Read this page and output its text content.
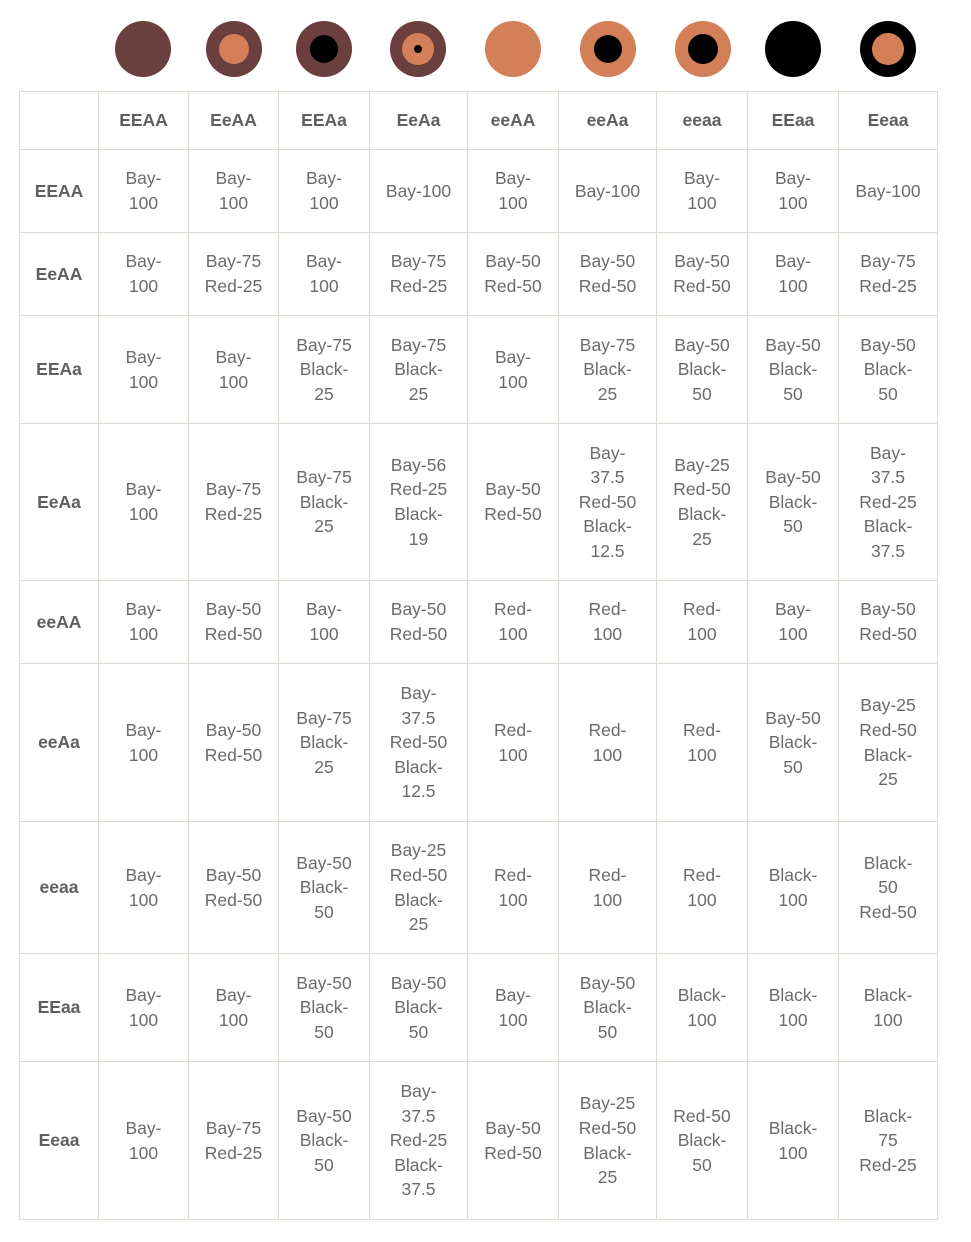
	EEAA	EeAA	EEAa	EeAa	eeAA	eeAa	eeaa	EEaa	Eeaa
EEAA	Bay-
100	Bay-
100	Bay-
100	Bay-100	Bay-
100	Bay-100	Bay-
100	Bay-
100	Bay-100

EeAA	Bay-
100	Bay-75
Red-25	Bay-
100	Bay-75
Red-25	Bay-50
Red-50	Bay-50
Red-50	Bay-50
Red-50	Bay-
100	Bay-75
Red-25

EEAa	Bay-
100	Bay-
100	Bay-75
Black-
25	Bay-75
Black-
25	Bay-
100	Bay-75
Black-
25	Bay-50
Black-
50	Bay-50
Black-
50	Bay-50
Black-
50

EeAa	Bay-
100	Bay-75
Red-25	Bay-75
Black-
25	Bay-56
Red-25
Black-
19	Bay-50
Red-50	Bay-
37.5
Red-50
Black-
12.5	Bay-25
Red-50
Black-
25	Bay-50
Black-
50	Bay-
37.5
Red-25
Black-
37.5

eeAA	Bay-
100	Bay-50
Red-50	Bay-
100	Bay-50
Red-50	Red-
100	Red-
100	Red-
100	Bay-
100	Bay-50
Red-50

eeAa	Bay-
100	Bay-50
Red-50	Bay-75
Black-
25	Bay-
37.5
Red-50
Black-
12.5	Red-
100	Red-
100	Red-
100	Bay-50
Black-
50	Bay-25
Red-50
Black-
25

eeaa	Bay-
100	Bay-50
Red-50	Bay-50
Black-
50	Bay-25
Red-50
Black-
25	Red-
100	Red-
100	Red-
100	Black-
100	Black-
50
Red-50

EEaa	Bay-
100	Bay-
100	Bay-50
Black-
50	Bay-50
Black-
50	Bay-
100	Bay-50
Black-
50	Black-
100	Black-
100	Black-
100

Eeaa	Bay-
100	Bay-75
Red-25	Bay-50
Black-
50	Bay-
37.5
Red-25
Black-
37.5	Bay-50
Red-50	Bay-25
Red-50
Black-
25	Red-50
Black-
50	Black-
100	Black-
75
Red-25
